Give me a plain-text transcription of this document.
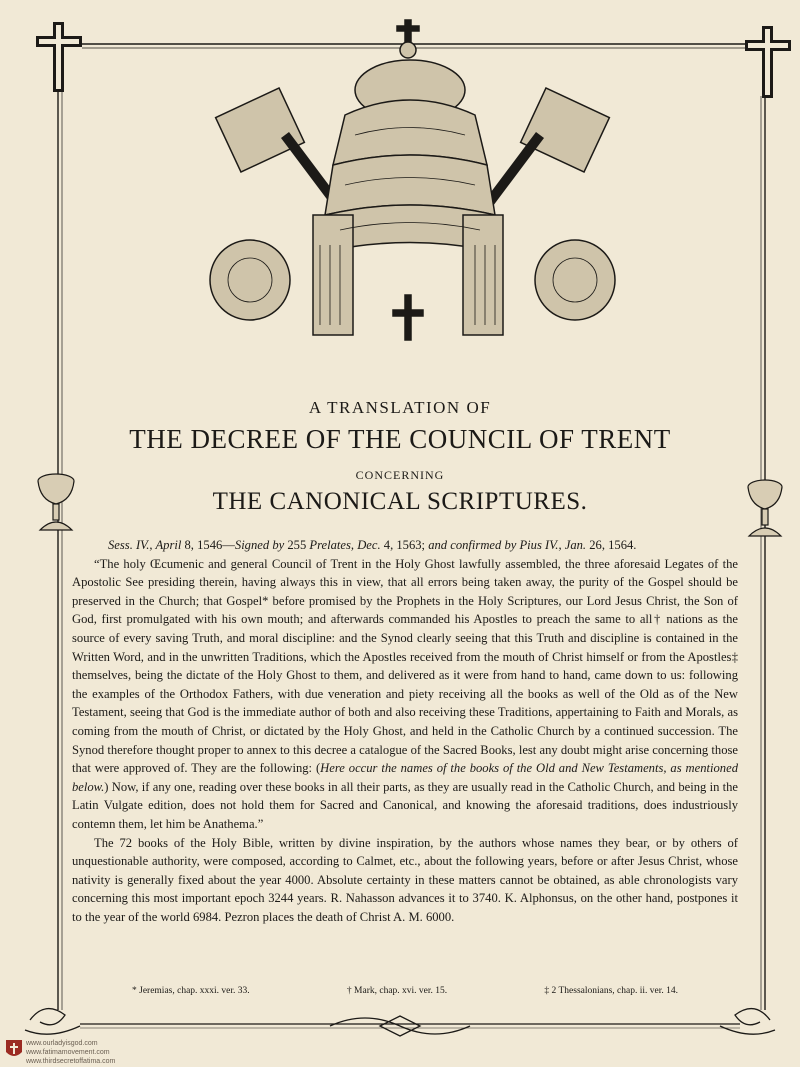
A TRANSLATION OF
THE DECREE OF THE COUNCIL OF TRENT
CONCERNING
THE CANONICAL SCRIPTURES.

Sess. IV., April 8, 1546—Signed by 255 Prelates, Dec. 4, 1563; and confirmed by Pius IV., Jan. 26, 1564.

“The holy Œcumenic and general Council of Trent in the Holy Ghost lawfully assembled, the three aforesaid Legates of the Apostolic See presiding therein, having always this in view, that all errors being taken away, the purity of the Gospel should be preserved in the Church; that Gospel* before promised by the Prophets in the Holy Scriptures, our Lord Jesus Christ, the Son of God, first promulgated with his own mouth; and afterwards commanded his Apostles to preach the same to all† nations as the source of every saving Truth, and moral discipline: and the Synod clearly seeing that this Truth and discipline is contained in the Written Word, and in the unwritten Traditions, which the Apostles received from the mouth of Christ himself or from the Apostles‡ themselves, being the dictate of the Holy Ghost to them, and delivered as it were from hand to hand, came down to us: following the examples of the Orthodox Fathers, with due veneration and piety receiving all the books as well of the Old as of the New Testament, seeing that God is the immediate author of both and also receiving these Traditions, appertaining to Faith and Morals, as coming from the mouth of Christ, or dictated by the Holy Ghost, and held in the Catholic Church by a continued succession. The Synod therefore thought proper to annex to this decree a catalogue of the Sacred Books, lest any doubt might arise concerning those that were approved of. They are the following: (Here occur the names of the books of the Old and New Testaments, as mentioned below.) Now, if any one, reading over these books in all their parts, as they are usually read in the Catholic Church, and being in the Latin Vulgate edition, does not hold them for Sacred and Canonical, and knowing the aforesaid traditions, does industriously contemn them, let him be Anathema.”

The 72 books of the Holy Bible, written by divine inspiration, by the authors whose names they bear, or by others of unquestionable authority, were composed, according to Calmet, etc., about the following years, before or after Jesus Christ, whose nativity is generally fixed about the year 4000. Absolute certainty in these matters cannot be obtained, as able chronologists vary concerning this most important epoch 3244 years. R. Nahasson advances it to 3740. K. Alphonsus, on the other hand, postpones it to the year of the world 6984. Pezron places the death of Christ A. M. 6000.

* Jeremias, chap. xxxi. ver. 33.	† Mark, chap. xvi. ver. 15.	‡ 2 Thessalonians, chap. ii. ver. 14.
www.ourladyisgod.com
www.fatimamovement.com
www.thirdsecretoffatima.com
